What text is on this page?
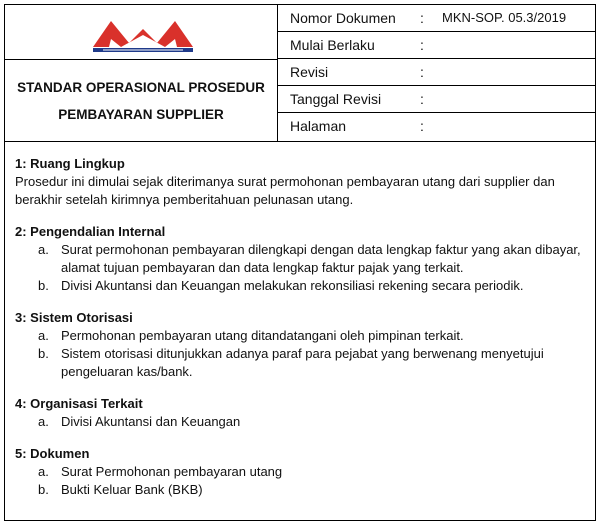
STANDAR OPERASIONAL PROSEDUR
PEMBAYARAN SUPPLIER
Nomor Dokumen : MKN-SOP. 05.3/2019
Mulai Berlaku	:
Revisi	:
Tanggal Revisi	:
Halaman	:
1: Ruang Lingkup

Prosedur ini dimulai sejak diterimanya surat permohonan pembayaran utang dari supplier dan berakhir setelah kirimnya pemberitahuan pelunasan utang.

2: Pengendalian Internal
a. Surat permohonan pembayaran dilengkapi dengan data lengkap faktur yang akan dibayar, alamat tujuan pembayaran dan data lengkap faktur pajak yang terkait.
b. Divisi Akuntansi dan Keuangan melakukan rekonsiliasi rekening secara periodik.
3: Sistem Otorisasi
a. Permohonan pembayaran utang ditandatangani oleh pimpinan terkait.
b. Sistem otorisasi ditunjukkan adanya paraf para pejabat yang berwenang menyetujui pengeluaran kas/bank.
4: Organisasi Terkait
a. Divisi Akuntansi dan Keuangan
5: Dokumen
a. Surat Permohonan pembayaran utang
b. Bukti Keluar Bank (BKB)
